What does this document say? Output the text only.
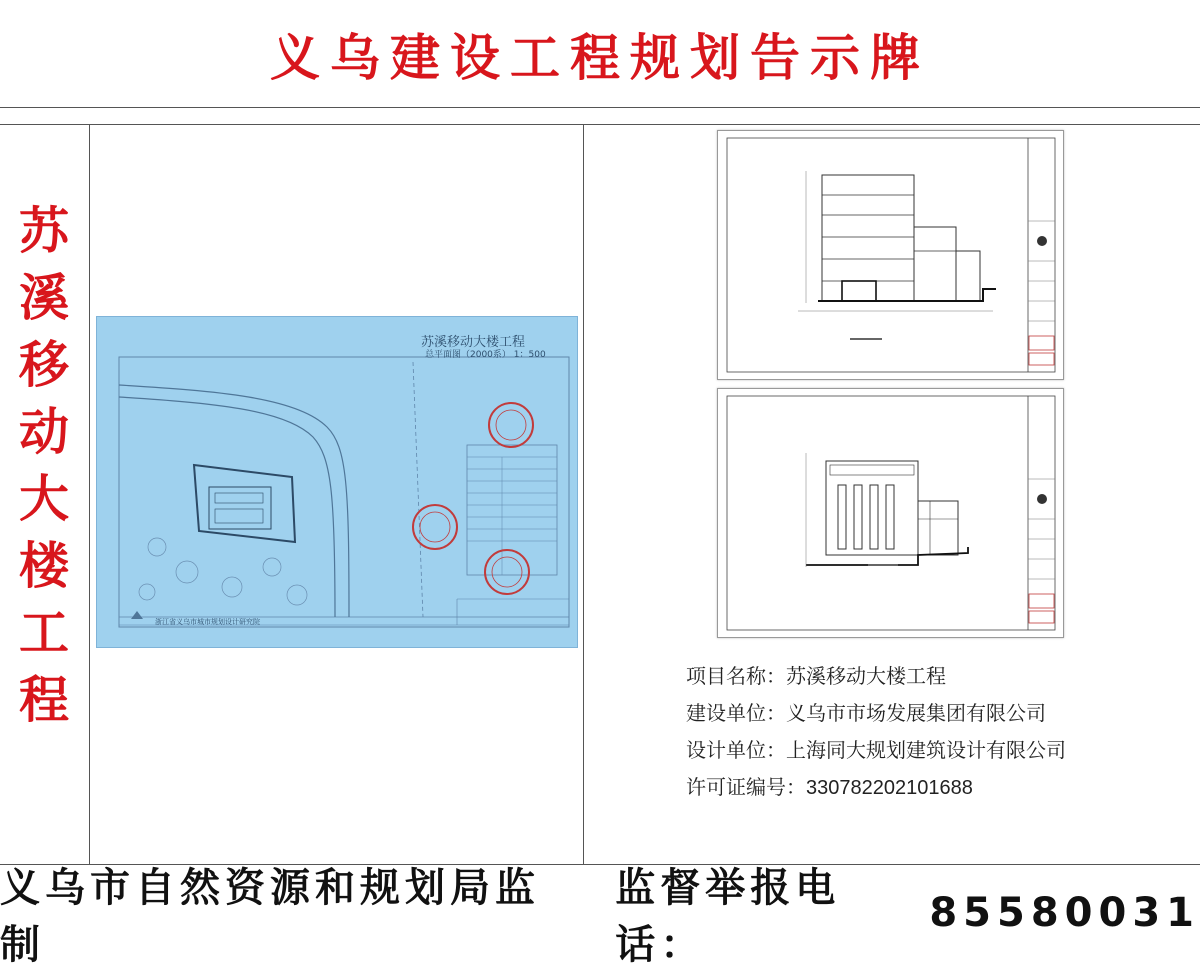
义乌建设工程规划告示牌
苏
溪
移
动
大
楼
工
程
苏溪移动大楼工程
总平面图（2000系） 1：500
浙江省义乌市城市规划设计研究院
项目名称：苏溪移动大楼工程
建设单位：义乌市市场发展集团有限公司
设计单位：上海同大规划建筑设计有限公司
许可证编号：330782202101688
义乌市自然资源和规划局监制
监督举报电话：
85580031
